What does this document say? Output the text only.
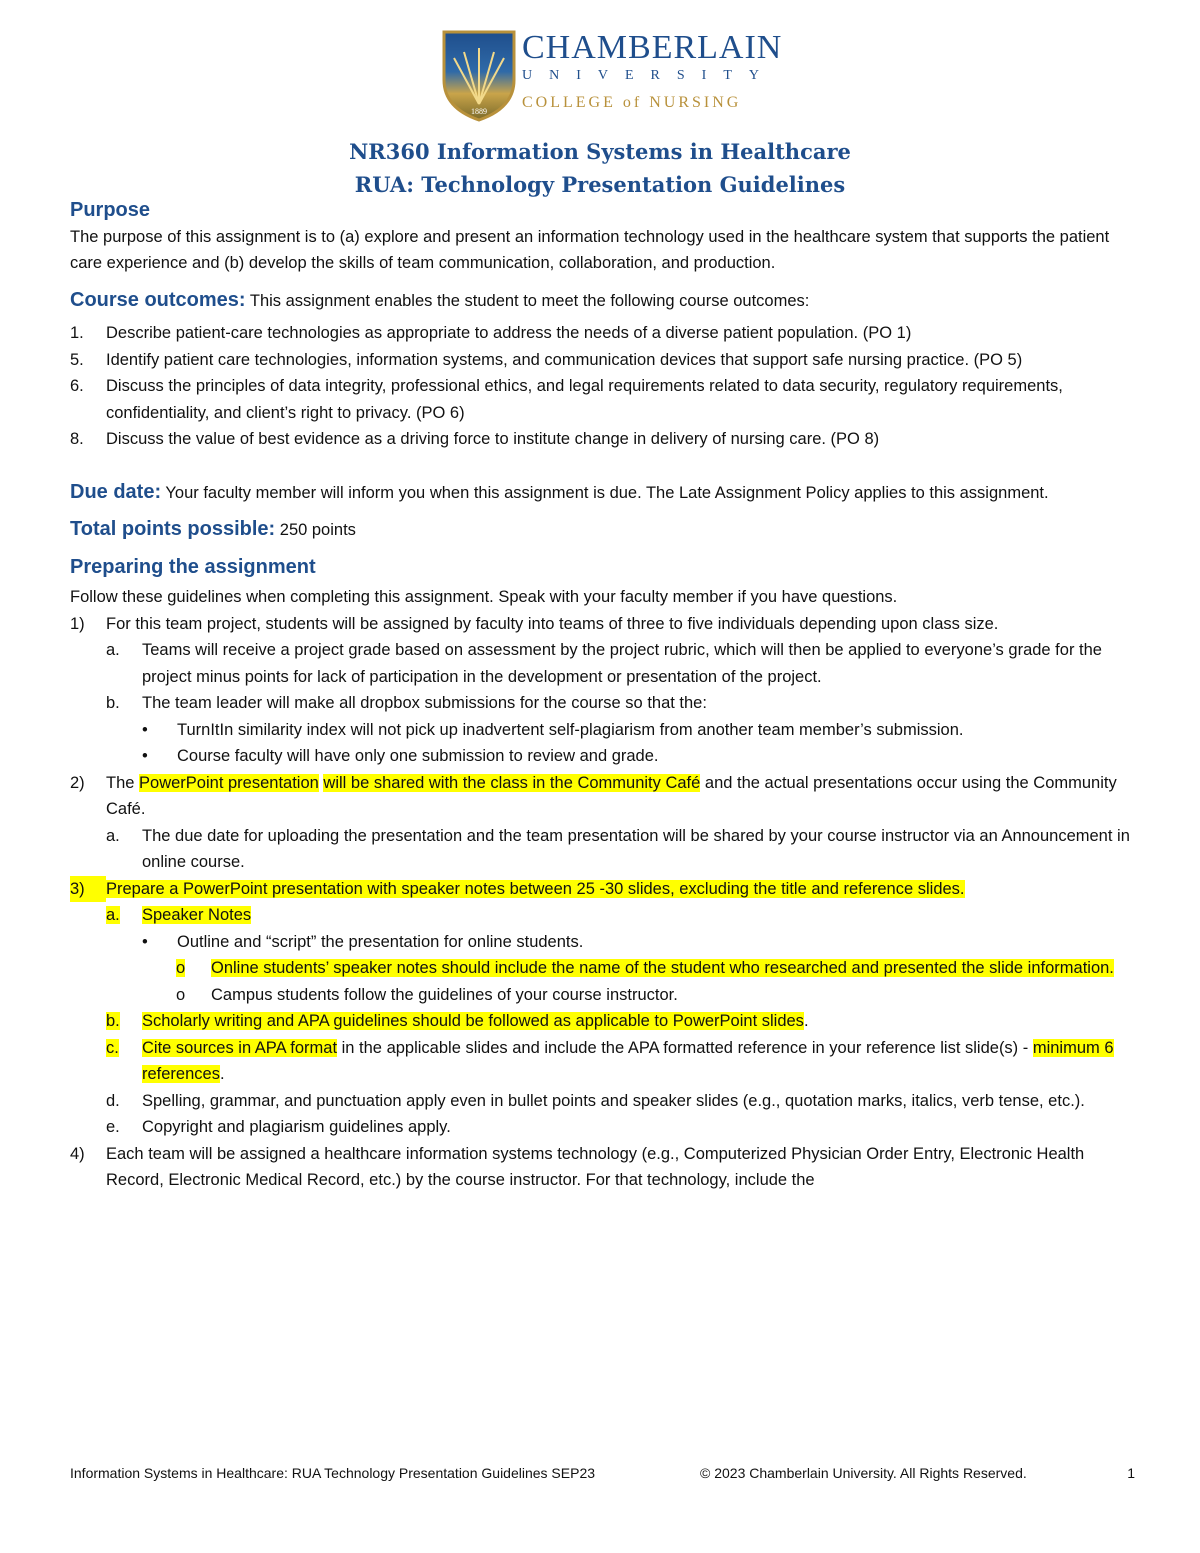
1889
CHAMBERLAIN
UNIVERSITY
COLLEGE of NURSING
NR360 Information Systems in Healthcare
RUA: Technology Presentation Guidelines

Purpose

The purpose of this assignment is to (a) explore and present an information technology used in the healthcare system that supports the patient care experience and (b) develop the skills of team communication, collaboration, and production.

Course outcomes: This assignment enables the student to meet the following course outcomes:

1.	Describe patient-care technologies as appropriate to address the needs of a diverse patient population. (PO 1)
5.	Identify patient care technologies, information systems, and communication devices that support safe nursing practice. (PO 5)
6.	Discuss the principles of data integrity, professional ethics, and legal requirements related to data security, regulatory requirements, confidentiality, and client’s right to privacy. (PO 6)
8.	Discuss the value of best evidence as a driving force to institute change in delivery of nursing care. (PO 8)

Due date: Your faculty member will inform you when this assignment is due. The Late Assignment Policy applies to this assignment.

Total points possible: 250 points

Preparing the assignment

Follow these guidelines when completing this assignment. Speak with your faculty member if you have questions.

1)	For this team project, students will be assigned by faculty into teams of three to five individuals depending upon class size.
a.	Teams will receive a project grade based on assessment by the project rubric, which will then be applied to everyone’s grade for the project minus points for lack of participation in the development or presentation of the project.
b.	The team leader will make all dropbox submissions for the course so that the:
•	TurnItIn similarity index will not pick up inadvertent self-plagiarism from another team member’s submission.
•	Course faculty will have only one submission to review and grade.
2)	The PowerPoint presentation will be shared with the class in the Community Café and the actual presentations occur using the Community Café.
a.	The due date for uploading the presentation and the team presentation will be shared by your course instructor via an Announcement in online course.
3)	Prepare a PowerPoint presentation with speaker notes between 25 -30 slides, excluding the title and reference slides.
a.	Speaker Notes
•	Outline and “script” the presentation for online students.
o	Online students’ speaker notes should include the name of the student who researched and presented the slide information.
o	Campus students follow the guidelines of your course instructor.
b.	Scholarly writing and APA guidelines should be followed as applicable to PowerPoint slides.
c.	Cite sources in APA format in the applicable slides and include the APA formatted reference in your reference list slide(s) - minimum 6 references.
d.	Spelling, grammar, and punctuation apply even in bullet points and speaker slides (e.g., quotation marks, italics, verb tense, etc.).
e.	Copyright and plagiarism guidelines apply.
4)	Each team will be assigned a healthcare information systems technology (e.g., Computerized Physician Order Entry, Electronic Health Record, Electronic Medical Record, etc.) by the course instructor. For that technology, include the
Information Systems in Healthcare: RUA Technology Presentation Guidelines SEP23	© 2023 Chamberlain University. All Rights Reserved.	1
